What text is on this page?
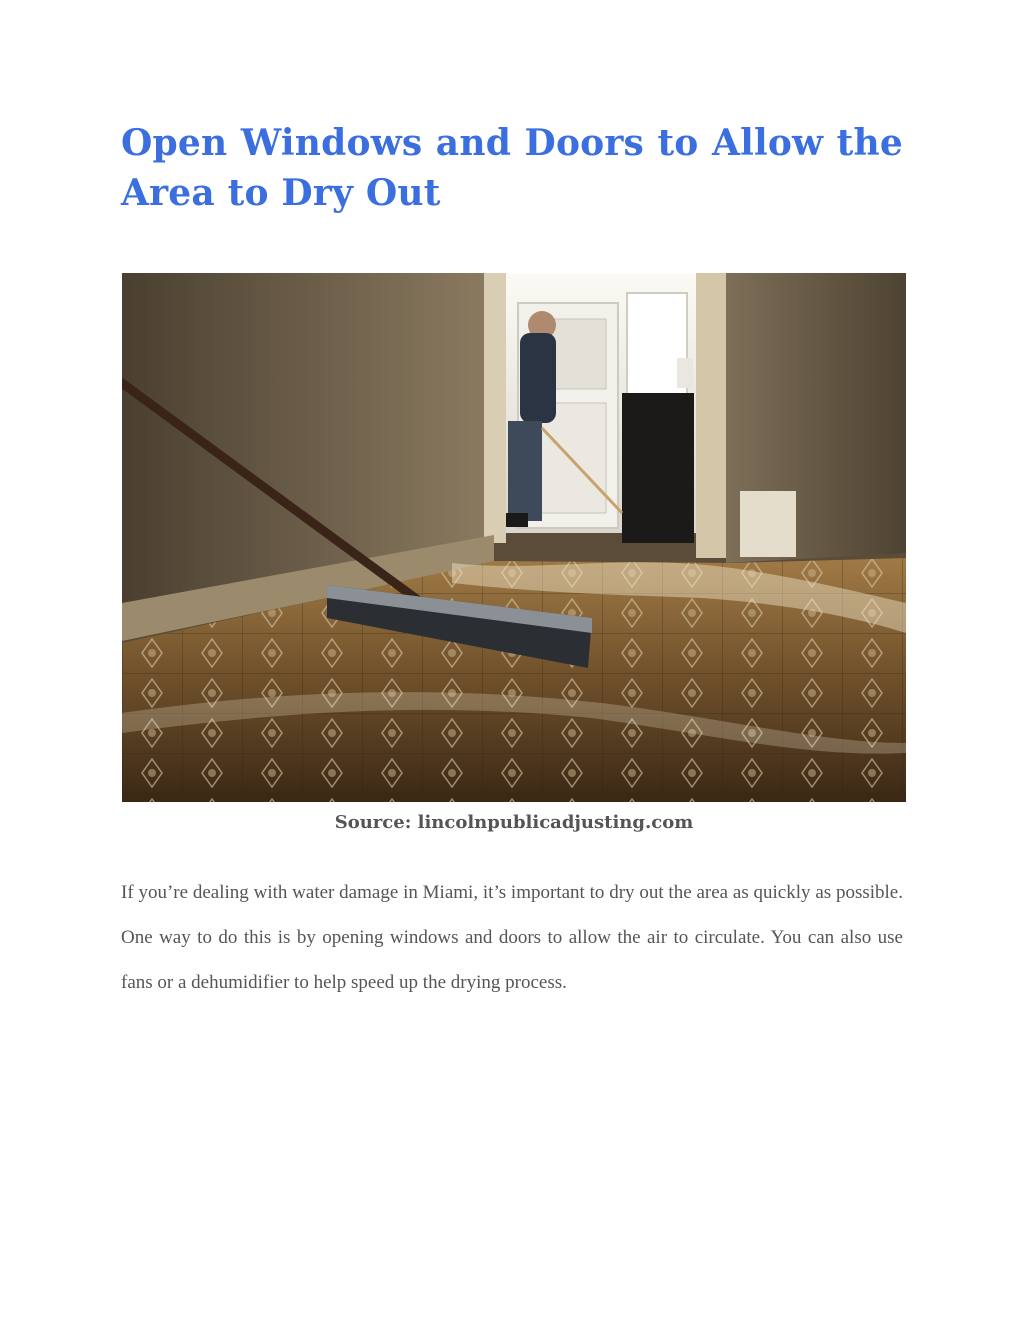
Open Windows and Doors to Allow the Area to Dry Out

Source: lincolnpublicadjusting.com

If you’re dealing with water damage in Miami, it’s important to dry out the area as quickly as possible. One way to do this is by opening windows and doors to allow the air to circulate. You can also use fans or a dehumidifier to help speed up the drying process.
